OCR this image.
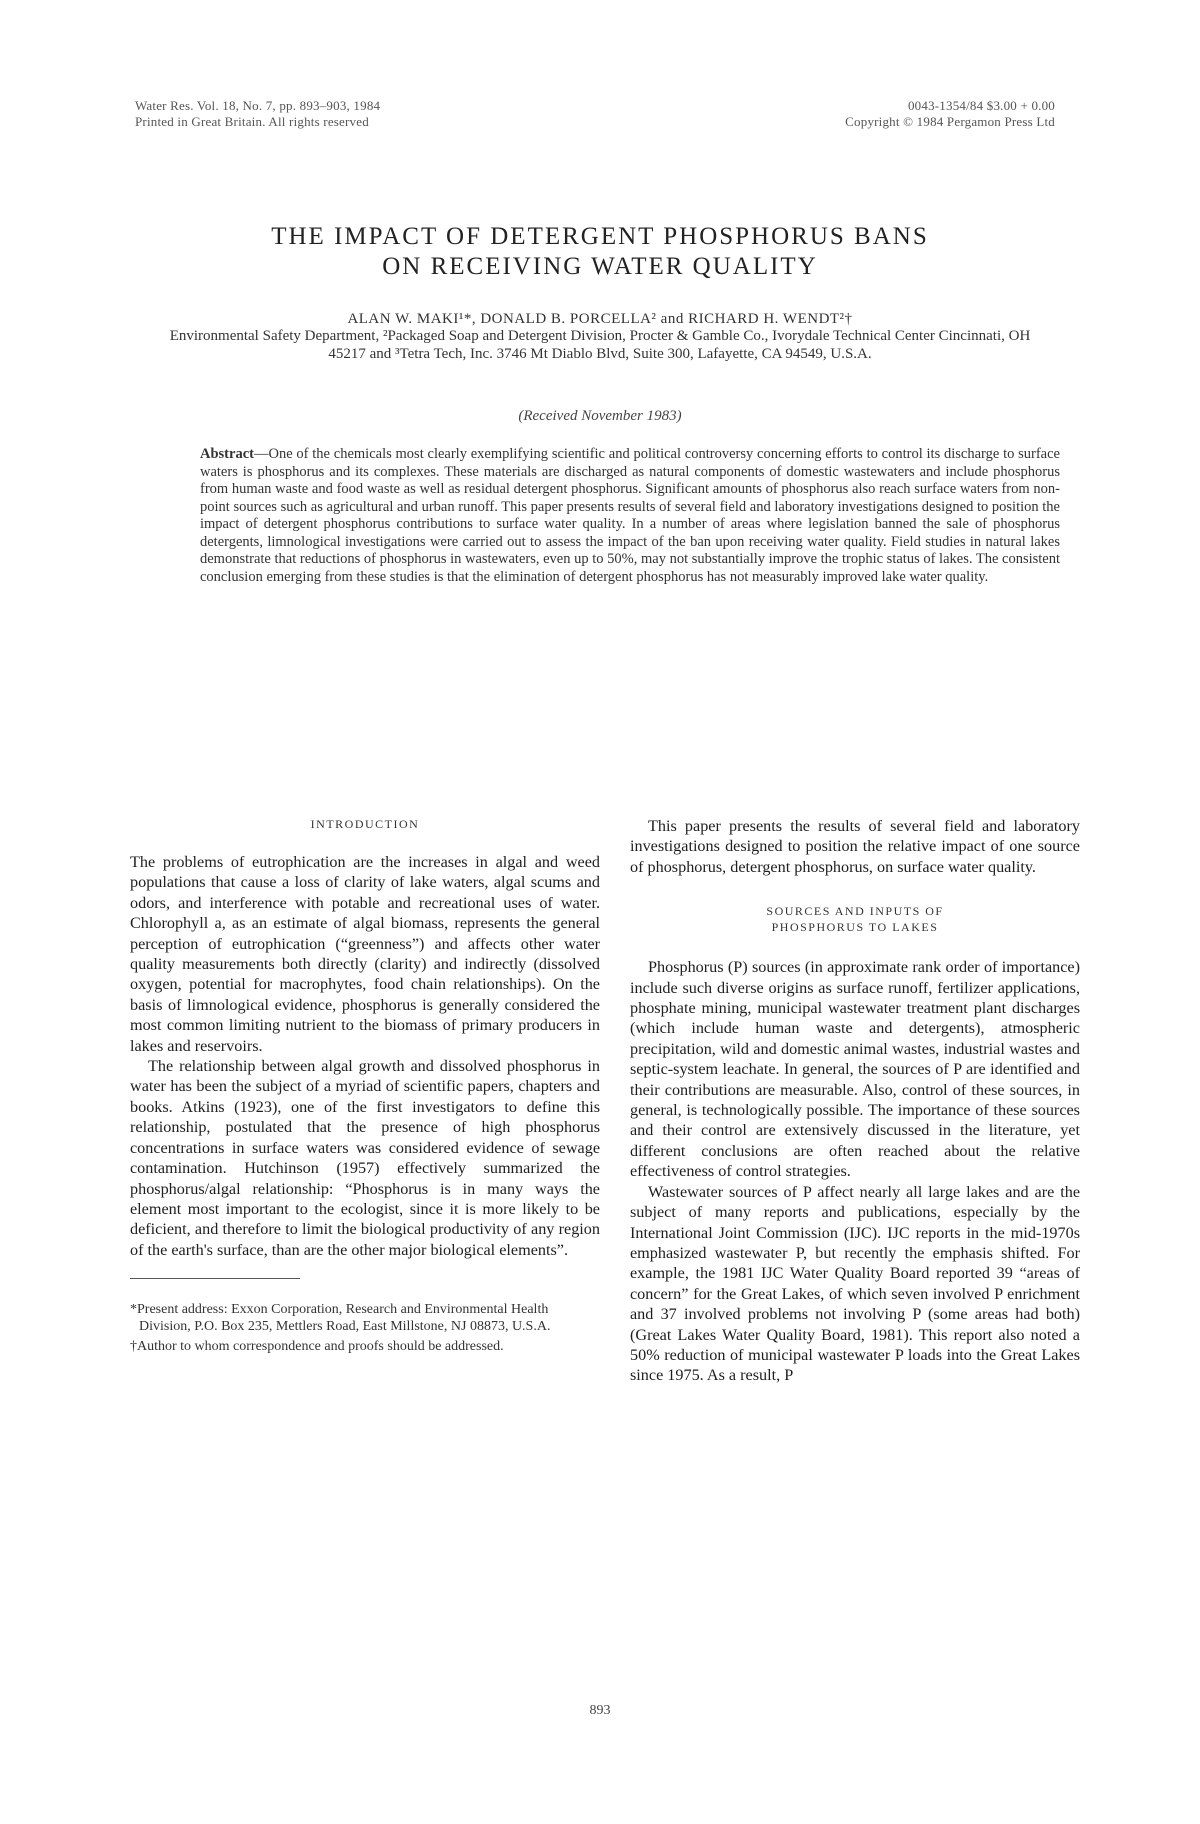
Water Res. Vol. 18, No. 7, pp. 893–903, 1984
Printed in Great Britain. All rights reserved
0043-1354/84 $3.00 + 0.00
Copyright © 1984 Pergamon Press Ltd
THE IMPACT OF DETERGENT PHOSPHORUS BANS
ON RECEIVING WATER QUALITY
ALAN W. MAKI¹*, DONALD B. PORCELLA² and RICHARD H. WENDT²†
Environmental Safety Department, ²Packaged Soap and Detergent Division, Procter & Gamble Co., Ivorydale Technical Center Cincinnati, OH 45217 and ³Tetra Tech, Inc. 3746 Mt Diablo Blvd, Suite 300, Lafayette, CA 94549, U.S.A.
(Received November 1983)
Abstract—One of the chemicals most clearly exemplifying scientific and political controversy concerning efforts to control its discharge to surface waters is phosphorus and its complexes. These materials are discharged as natural components of domestic wastewaters and include phosphorus from human waste and food waste as well as residual detergent phosphorus. Significant amounts of phosphorus also reach surface waters from non-point sources such as agricultural and urban runoff. This paper presents results of several field and laboratory investigations designed to position the impact of detergent phosphorus contributions to surface water quality. In a number of areas where legislation banned the sale of phosphorus detergents, limnological investigations were carried out to assess the impact of the ban upon receiving water quality. Field studies in natural lakes demonstrate that reductions of phosphorus in wastewaters, even up to 50%, may not substantially improve the trophic status of lakes. The consistent conclusion emerging from these studies is that the elimination of detergent phosphorus has not measurably improved lake water quality.
INTRODUCTION

The problems of eutrophication are the increases in algal and weed populations that cause a loss of clarity of lake waters, algal scums and odors, and interference with potable and recreational uses of water. Chlorophyll a, as an estimate of algal biomass, represents the general perception of eutrophication (“greenness”) and affects other water quality measurements both directly (clarity) and indirectly (dissolved oxygen, potential for macrophytes, food chain relationships). On the basis of limnological evidence, phosphorus is generally considered the most common limiting nutrient to the biomass of primary producers in lakes and reservoirs.

The relationship between algal growth and dissolved phosphorus in water has been the subject of a myriad of scientific papers, chapters and books. Atkins (1923), one of the first investigators to define this relationship, postulated that the presence of high phosphorus concentrations in surface waters was considered evidence of sewage contamination. Hutchinson (1957) effectively summarized the phosphorus/algal relationship: “Phosphorus is in many ways the element most important to the ecologist, since it is more likely to be deficient, and therefore to limit the biological productivity of any region of the earth's surface, than are the other major biological elements”.

*Present address: Exxon Corporation, Research and Environmental Health Division, P.O. Box 235, Mettlers Road, East Millstone, NJ 08873, U.S.A.

†Author to whom correspondence and proofs should be addressed.

This paper presents the results of several field and laboratory investigations designed to position the relative impact of one source of phosphorus, detergent phosphorus, on surface water quality.

SOURCES AND INPUTS OF
PHOSPHORUS TO LAKES

Phosphorus (P) sources (in approximate rank order of importance) include such diverse origins as surface runoff, fertilizer applications, phosphate mining, municipal wastewater treatment plant discharges (which include human waste and detergents), atmospheric precipitation, wild and domestic animal wastes, industrial wastes and septic-system leachate. In general, the sources of P are identified and their contributions are measurable. Also, control of these sources, in general, is technologically possible. The importance of these sources and their control are extensively discussed in the literature, yet different conclusions are often reached about the relative effectiveness of control strategies.

Wastewater sources of P affect nearly all large lakes and are the subject of many reports and publications, especially by the International Joint Commission (IJC). IJC reports in the mid-1970s emphasized wastewater P, but recently the emphasis shifted. For example, the 1981 IJC Water Quality Board reported 39 “areas of concern” for the Great Lakes, of which seven involved P enrichment and 37 involved problems not involving P (some areas had both) (Great Lakes Water Quality Board, 1981). This report also noted a 50% reduction of municipal wastewater P loads into the Great Lakes since 1975. As a result, P

893
